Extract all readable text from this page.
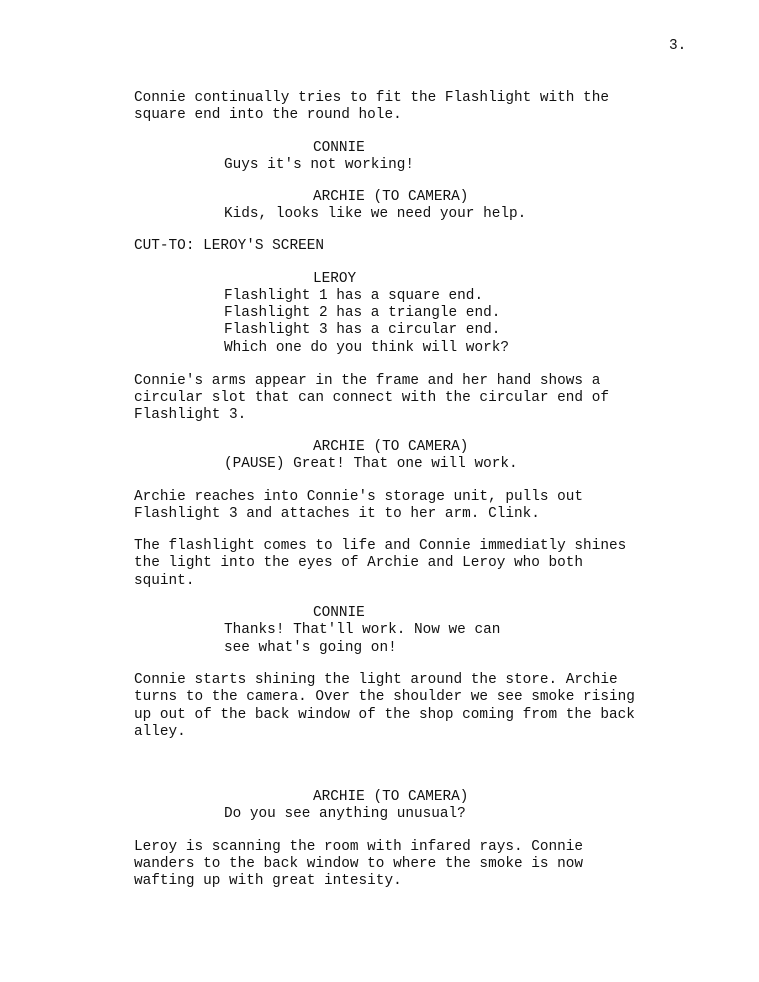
3.
Connie continually tries to fit the Flashlight with the
square end into the round hole.
CONNIE
Guys it's not working!
ARCHIE (TO CAMERA)
Kids, looks like we need your help.
CUT-TO: LEROY'S SCREEN
LEROY
Flashlight 1 has a square end.
Flashlight 2 has a triangle end.
Flashlight 3 has a circular end.
Which one do you think will work?
Connie's arms appear in the frame and her hand shows a
circular slot that can connect with the circular end of
Flashlight 3.
ARCHIE (TO CAMERA)
(PAUSE) Great! That one will work.
Archie reaches into Connie's storage unit, pulls out
Flashlight 3 and attaches it to her arm. Clink.
The flashlight comes to life and Connie immediatly shines
the light into the eyes of Archie and Leroy who both
squint.
CONNIE
Thanks! That'll work. Now we can
see what's going on!
Connie starts shining the light around the store. Archie
turns to the camera. Over the shoulder we see smoke rising
up out of the back window of the shop coming from the back
alley.
ARCHIE (TO CAMERA)
Do you see anything unusual?
Leroy is scanning the room with infared rays. Connie
wanders to the back window to where the smoke is now
wafting up with great intesity.
